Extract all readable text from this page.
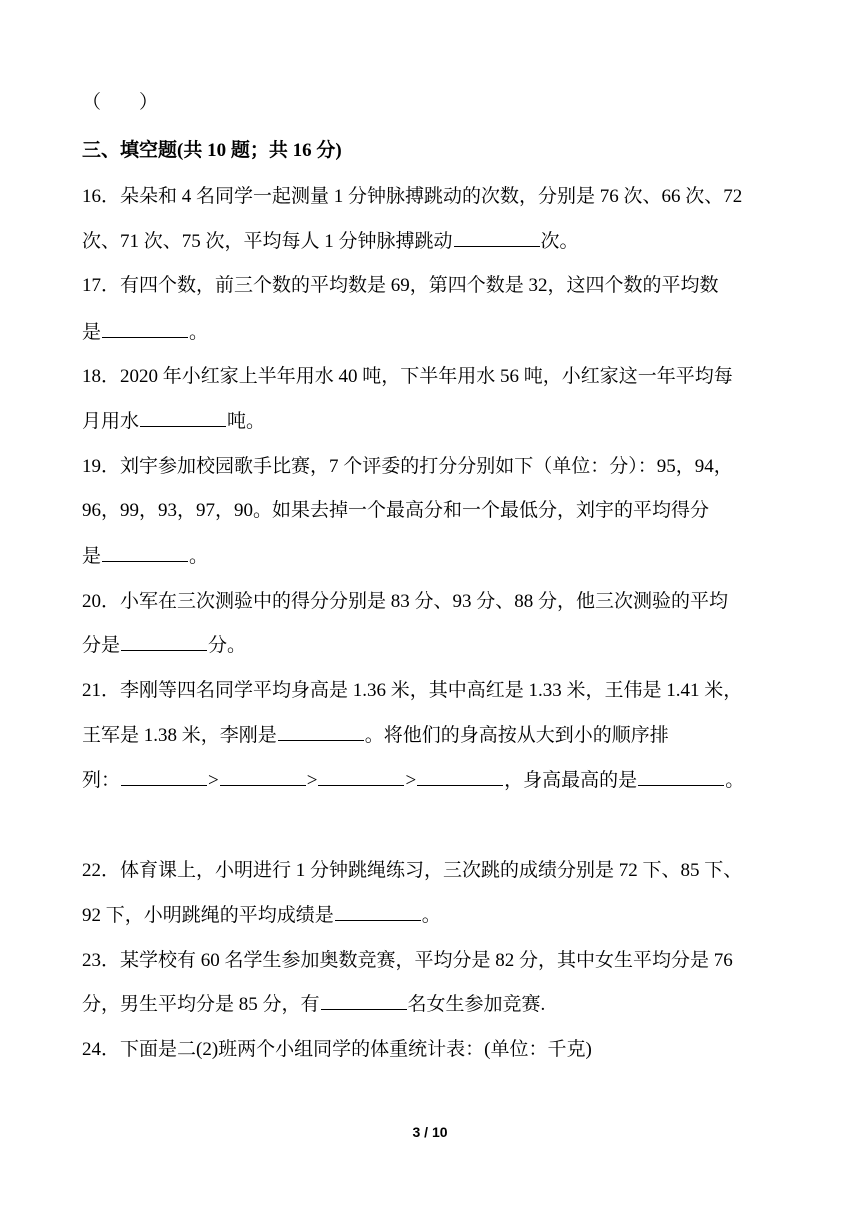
（　　）
三、填空题(共 10 题；共 16 分)
16．朵朵和 4 名同学一起测量 1 分钟脉搏跳动的次数，分别是 76 次、66 次、72
次、71 次、75 次，平均每人 1 分钟脉搏跳动	次。
17．有四个数，前三个数的平均数是 69，第四个数是 32，这四个数的平均数
是	。
18．2020 年小红家上半年用水 40 吨，下半年用水 56 吨，小红家这一年平均每
月用水	吨。
19．刘宇参加校园歌手比赛，7 个评委的打分分别如下（单位：分）：95，94，
96，99，93，97，90。如果去掉一个最高分和一个最低分，刘宇的平均得分
是	。
20．小军在三次测验中的得分分别是 83 分、93 分、88 分，他三次测验的平均
分是	分。
21．李刚等四名同学平均身高是 1.36 米，其中高红是 1.33 米，王伟是 1.41 米，
王军是 1.38 米，李刚是	。将他们的身高按从大到小的顺序排
列：	>	>	>	，身高最高的是	。
22．体育课上，小明进行 1 分钟跳绳练习，三次跳的成绩分别是 72 下、85 下、
92 下，小明跳绳的平均成绩是	。
23．某学校有 60 名学生参加奥数竞赛，平均分是 82 分，其中女生平均分是 76
分，男生平均分是 85 分，有	名女生参加竞赛.
24．下面是二(2)班两个小组同学的体重统计表：(单位：千克)
3 / 10
